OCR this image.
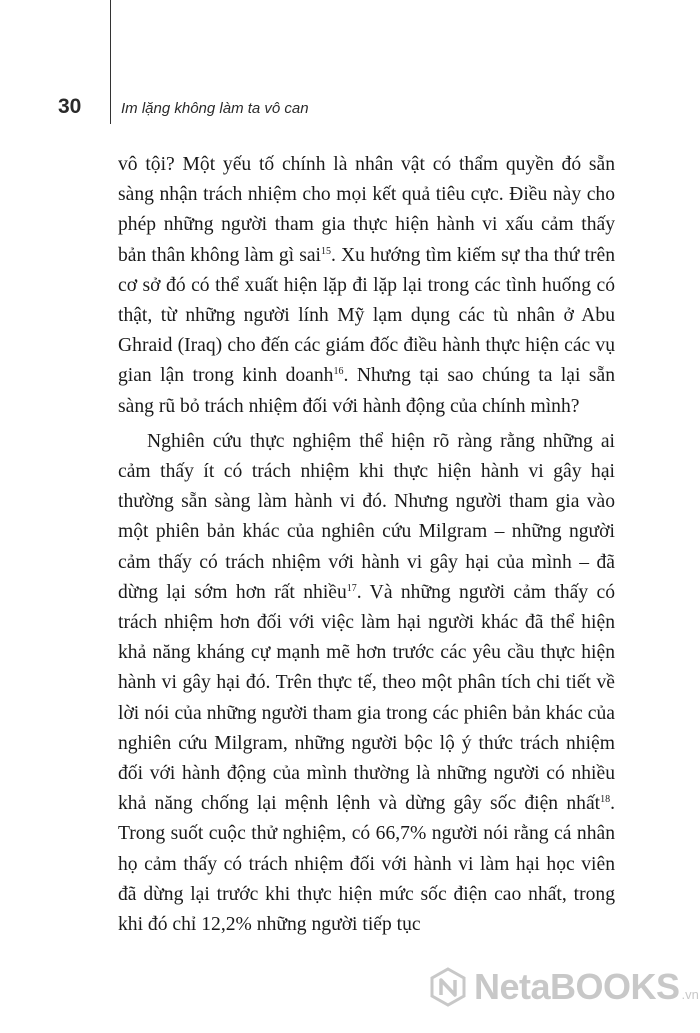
30	Im lặng không làm ta vô can

vô tội? Một yếu tố chính là nhân vật có thẩm quyền đó sẵn sàng nhận trách nhiệm cho mọi kết quả tiêu cực. Điều này cho phép những người tham gia thực hiện hành vi xấu cảm thấy bản thân không làm gì sai$^{15}$. Xu hướng tìm kiếm sự tha thứ trên cơ sở đó có thể xuất hiện lặp đi lặp lại trong các tình huống có thật, từ những người lính Mỹ lạm dụng các tù nhân ở Abu Ghraid (Iraq) cho đến các giám đốc điều hành thực hiện các vụ gian lận trong kinh doanh$^{16}$. Nhưng tại sao chúng ta lại sẵn sàng rũ bỏ trách nhiệm đối với hành động của chính mình?

Nghiên cứu thực nghiệm thể hiện rõ ràng rằng những ai cảm thấy ít có trách nhiệm khi thực hiện hành vi gây hại thường sẵn sàng làm hành vi đó. Nhưng người tham gia vào một phiên bản khác của nghiên cứu Milgram – những người cảm thấy có trách nhiệm với hành vi gây hại của mình – đã dừng lại sớm hơn rất nhiều$^{17}$. Và những người cảm thấy có trách nhiệm hơn đối với việc làm hại người khác đã thể hiện khả năng kháng cự mạnh mẽ hơn trước các yêu cầu thực hiện hành vi gây hại đó. Trên thực tế, theo một phân tích chi tiết về lời nói của những người tham gia trong các phiên bản khác của nghiên cứu Milgram, những người bộc lộ ý thức trách nhiệm đối với hành động của mình thường là những người có nhiều khả năng chống lại mệnh lệnh và dừng gây sốc điện nhất$^{18}$. Trong suốt cuộc thử nghiệm, có 66,7% người nói rằng cá nhân họ cảm thấy có trách nhiệm đối với hành vi làm hại học viên đã dừng lại trước khi thực hiện mức sốc điện cao nhất, trong khi đó chỉ 12,2% những người tiếp tục

NetaBOOKS .vn
